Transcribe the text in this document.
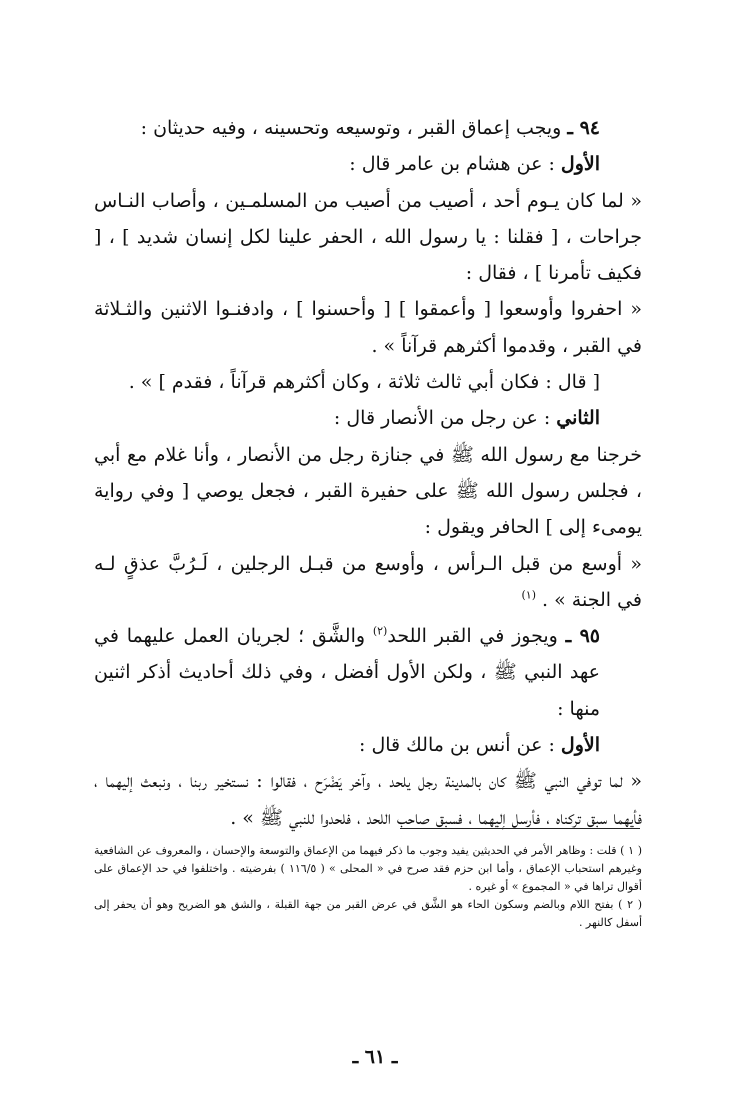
٩٤ ـ ويجب إعماق القبر ، وتوسيعه وتحسينه ، وفيه حديثان :

الأول : عن هشام بن عامر قال :

« لما كان يـوم أحد ، أصيب من أصيب من المسلمـين ، وأصاب النـاس جراحات ، [ فقلنا : يا رسول الله ، الحفر علينا لكل إنسان شديد ] ، [ فكيف تأمرنا ] ، فقال :

« احفروا وأوسعوا [ وأعمقوا ] [ وأحسنوا ] ، وادفنـوا الاثنين والثـلاثة في القبر ، وقدموا أكثرهم قرآناً » .

[ قال : فكان أبي ثالث ثلاثة ، وكان أكثرهم قرآناً ، فقدم ] » .

الثاني : عن رجل من الأنصار قال :

خرجنا مع رسول الله ﷺ في جنازة رجل من الأنصار ، وأنا غلام مع أبي ، فجلس رسول الله ﷺ على حفيرة القبر ، فجعل يوصي [ وفي رواية يومىء إلى ] الحافر ويقول :

« أوسع من قبل الـرأس ، وأوسع من قبـل الرجلين ، لَـرُبَّ عذقٍ لـه في الجنة » . $^{(١)}$

٩٥ ـ ويجوز في القبر اللحد$^{(٢)}$ والشَّق ؛ لجريان العمل عليهما في عهد النبي ﷺ ، ولكن الأول أفضل ، وفي ذلك أحاديث أذكر اثنين منها :

الأول : عن أنس بن مالك قال :

« لما توفي النبي ﷺ كان بالمدينة رجل يلحد ، وآخر يَضْرَح ، فقالوا : نستخير ربنا ، ونبعث إليهما ، فأيهما سبق تركناه ، فأرسل إليهما ، فسبق صاحب اللحد ، فلحدوا للنبي ﷺ » .

( ١ ) قلت : وظاهر الأمر في الحديثين يفيد وجوب ما ذكر فيهما من الإعماق والتوسعة والإحسان ، والمعروف عن الشافعية وغيرهم استحباب الإعماق ، وأما ابن حزم فقد صرح في « المحلى » ( ١١٦/٥ ) بفرضيته . واختلفوا في حد الإعماق على أقوال تراها في « المجموع » أو غيره .

( ٢ ) بفتح اللام وبالضم وسكون الحاء هو الشَّق في عرض القبر من جهة القبلة ، والشق هو الضريح وهو أن يحفر إلى أسفل كالنهر .

ـ ٦١ ـ
